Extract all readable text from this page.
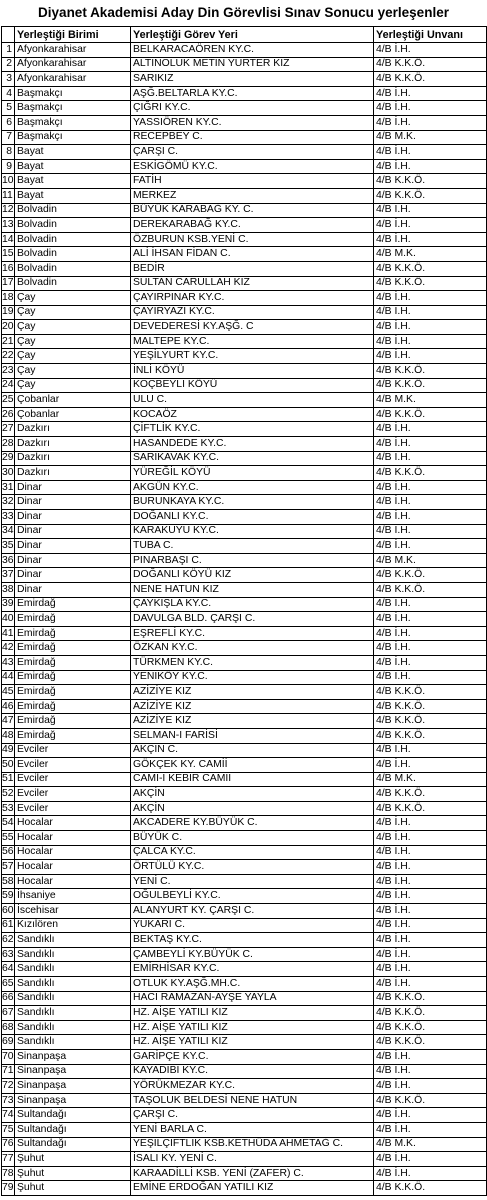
Diyanet Akademisi Aday Din Görevlisi Sınav Sonucu yerleşenler
	Yerleştiği Birimi	Yerleştiği Görev Yeri	Yerleştiği Unvanı
1	Afyonkarahisar	BELKARACAÖREN KY.C.	4/B İ.H.
2	Afyonkarahisar	ALTINOLUK METİN YURTER KIZ	4/B K.K.Ö.
3	Afyonkarahisar	SARIKIZ	4/B K.K.Ö.
4	Başmakçı	AŞĞ.BELTARLA KY.C.	4/B İ.H.
5	Başmakçı	ÇIĞRI KY.C.	4/B İ.H.
6	Başmakçı	YASSIÖREN KY.C.	4/B İ.H.
7	Başmakçı	RECEPBEY C.	4/B M.K.
8	Bayat	ÇARŞI C.	4/B İ.H.
9	Bayat	ESKİGÖMÜ KY.C.	4/B İ.H.
10	Bayat	FATİH	4/B K.K.Ö.
11	Bayat	MERKEZ	4/B K.K.Ö.
12	Bolvadin	BÜYÜK KARABAĞ KY. C.	4/B İ.H.
13	Bolvadin	DEREKARABAĞ KY.C.	4/B İ.H.
14	Bolvadin	ÖZBURUN KSB.YENİ C.	4/B İ.H.
15	Bolvadin	ALİ İHSAN FİDAN C.	4/B M.K.
16	Bolvadin	BEDİR	4/B K.K.Ö.
17	Bolvadin	SULTAN CARULLAH KIZ	4/B K.K.Ö.
18	Çay	ÇAYIRPINAR KY.C.	4/B İ.H.
19	Çay	ÇAYIRYAZI KY.C.	4/B İ.H.
20	Çay	DEVEDERESİ KY.AŞĞ. C	4/B İ.H.
21	Çay	MALTEPE KY.C.	4/B İ.H.
22	Çay	YEŞİLYURT KY.C.	4/B İ.H.
23	Çay	İNLİ KÖYÜ	4/B K.K.Ö.
24	Çay	KOÇBEYLİ KÖYÜ	4/B K.K.Ö.
25	Çobanlar	ULU C.	4/B M.K.
26	Çobanlar	KOCAÖZ	4/B K.K.Ö.
27	Dazkırı	ÇİFTLİK KY.C.	4/B İ.H.
28	Dazkırı	HASANDEDE KY.C.	4/B İ.H.
29	Dazkırı	SARIKAVAK KY.C.	4/B İ.H.
30	Dazkırı	YÜREĞİL KÖYÜ	4/B K.K.Ö.
31	Dinar	AKGÜN KY.C.	4/B İ.H.
32	Dinar	BURUNKAYA KY.C.	4/B İ.H.
33	Dinar	DOĞANLI KY.C.	4/B İ.H.
34	Dinar	KARAKUYU KY.C.	4/B İ.H.
35	Dinar	TUBA C.	4/B İ.H.
36	Dinar	PINARBAŞI C.	4/B M.K.
37	Dinar	DOĞANLI KÖYÜ KIZ	4/B K.K.Ö.
38	Dinar	NENE HATUN KIZ	4/B K.K.Ö.
39	Emirdağ	ÇAYKIŞLA KY.C.	4/B İ.H.
40	Emirdağ	DAVULGA BLD. ÇARŞI C.	4/B İ.H.
41	Emirdağ	EŞREFLİ KY.C.	4/B İ.H.
42	Emirdağ	ÖZKAN KY.C.	4/B İ.H.
43	Emirdağ	TÜRKMEN KY.C.	4/B İ.H.
44	Emirdağ	YENİKÖY KY.C.	4/B İ.H.
45	Emirdağ	AZİZİYE KIZ	4/B K.K.Ö.
46	Emirdağ	AZİZİYE KIZ	4/B K.K.Ö.
47	Emirdağ	AZİZİYE KIZ	4/B K.K.Ö.
48	Emirdağ	SELMAN-I FARİSİ	4/B K.K.Ö.
49	Evciler	AKÇİN C.	4/B İ.H.
50	Evciler	GÖKÇEK KY. CAMİİ	4/B İ.H.
51	Evciler	CAMİ-İ KEBİR CAMİİ	4/B M.K.
52	Evciler	AKÇİN	4/B K.K.Ö.
53	Evciler	AKÇİN	4/B K.K.Ö.
54	Hocalar	AKCADERE KY.BÜYÜK C.	4/B İ.H.
55	Hocalar	BÜYÜK C.	4/B İ.H.
56	Hocalar	ÇALCA KY.C.	4/B İ.H.
57	Hocalar	ÖRTÜLÜ KY.C.	4/B İ.H.
58	Hocalar	YENİ C.	4/B İ.H.
59	İhsaniye	OĞULBEYLİ KY.C.	4/B İ.H.
60	İscehisar	ALANYURT KY. ÇARŞI C.	4/B İ.H.
61	Kızılören	YUKARI C.	4/B İ.H.
62	Sandıklı	BEKTAŞ KY.C.	4/B İ.H.
63	Sandıklı	ÇAMBEYLİ KY.BÜYÜK C.	4/B İ.H.
64	Sandıklı	EMİRHİSAR KY.C.	4/B İ.H.
65	Sandıklı	OTLUK KY.AŞĞ.MH.C.	4/B İ.H.
66	Sandıklı	HACI RAMAZAN-AYŞE YAYLA	4/B K.K.Ö.
67	Sandıklı	HZ. AİŞE YATILI KIZ	4/B K.K.Ö.
68	Sandıklı	HZ. AİŞE YATILI KIZ	4/B K.K.Ö.
69	Sandıklı	HZ. AİŞE YATILI KIZ	4/B K.K.Ö.
70	Sinanpaşa	GARİPÇE KY.C.	4/B İ.H.
71	Sinanpaşa	KAYADİBİ KY.C.	4/B İ.H.
72	Sinanpaşa	YÖRÜKMEZAR KY.C.	4/B İ.H.
73	Sinanpaşa	TAŞOLUK BELDESİ NENE HATUN	4/B K.K.Ö.
74	Sultandağı	ÇARŞI C.	4/B İ.H.
75	Sultandağı	YENİ BARLA C.	4/B İ.H.
76	Sultandağı	YEŞİLÇİFTLİK KSB.KETHÜDA AHMETAĞ C.	4/B M.K.
77	Şuhut	İSALI KY. YENİ C.	4/B İ.H.
78	Şuhut	KARAADİLLİ KSB. YENİ (ZAFER) C.	4/B İ.H.
79	Şuhut	EMİNE ERDOĞAN YATILI KIZ	4/B K.K.Ö.
